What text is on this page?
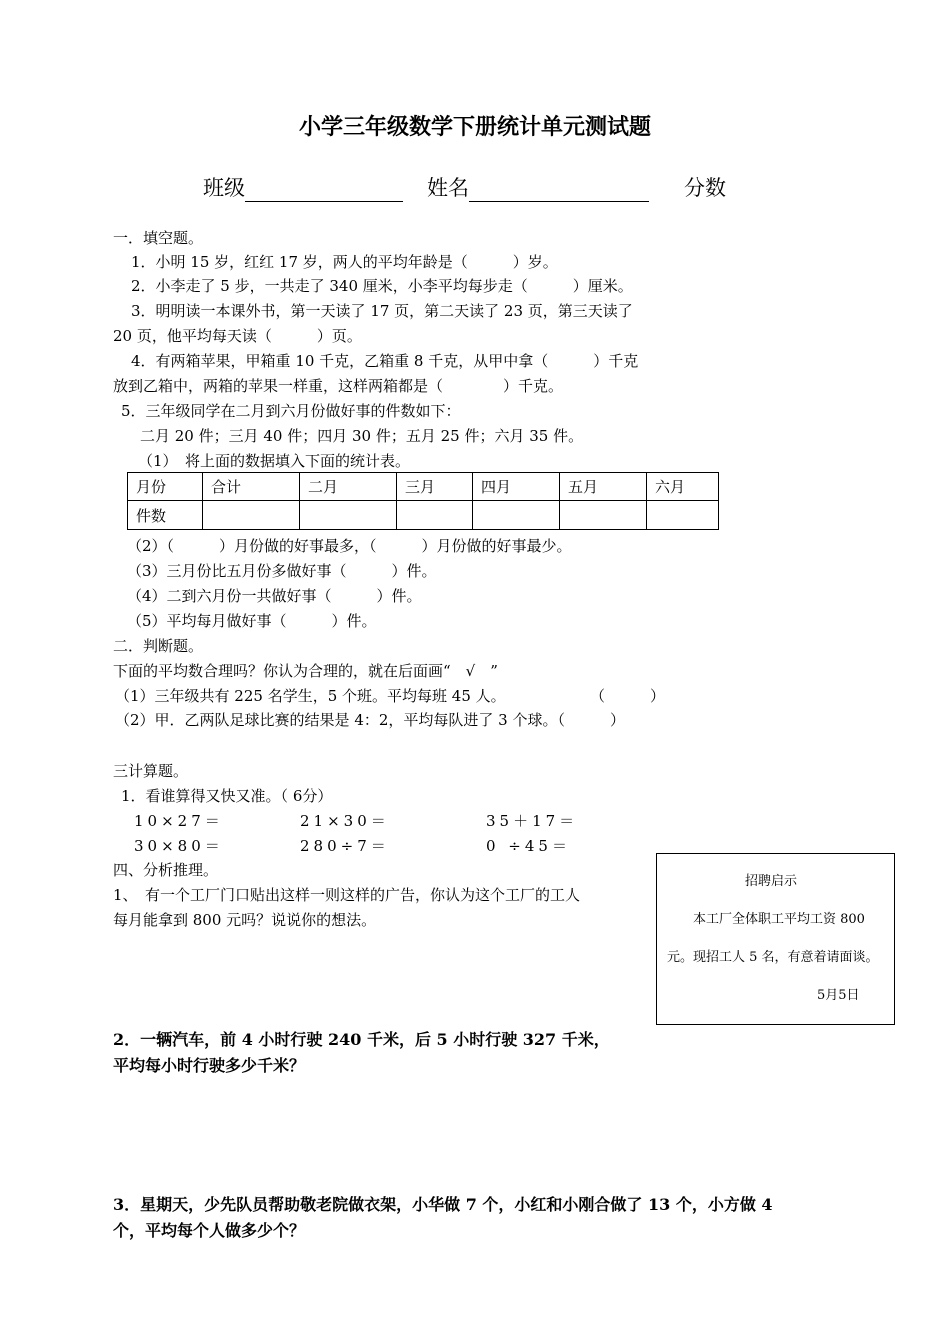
小学三年级数学下册统计单元测试题
班级	姓名	分数
一．填空题。
1．小明 15 岁，红红 17 岁，两人的平均年龄是（　　　）岁。
2．小李走了 5 步，一共走了 340 厘米，小李平均每步走（　　　）厘米。
3．明明读一本课外书，第一天读了 17 页，第二天读了 23 页，第三天读了
20 页，他平均每天读（　　　）页。
4．有两箱苹果，甲箱重 10 千克，乙箱重 8 千克，从甲中拿（　　　）千克
放到乙箱中，两箱的苹果一样重，这样两箱都是（　　　　）千克。
5．三年级同学在二月到六月份做好事的件数如下：
二月 20 件；三月 40 件；四月 30 件；五月 25 件；六月 35 件。
（1）　将上面的数据填入下面的统计表。
月份	合计	二月	三月	四月	五月	六月
件数						
（2）（　　　）月份做的好事最多，（　　　）月份做的好事最少。
（3）三月份比五月份多做好事（　　　）件。
（4）二到六月份一共做好事（　　　）件。
（5）平均每月做好事（　　　）件。
二．判断题。
下面的平均数合理吗？你认为合理的，就在后面画“　√　”
（1）三年级共有 225 名学生，5 个班。平均每班 45 人。	（　　　）
（2）甲．乙两队足球比赛的结果是 4：2，平均每队进了 3 个球。（　　　）
三计算题。
1．看谁算得又快又准。（ 6分）
10×27＝	21×30＝	35＋17＝
30×80＝	280÷7＝	0 ÷45＝
四、分析推理。
1、　有一个工厂门口贴出这样一则这样的广告，你认为这个工厂的工人
每月能拿到 800 元吗？说说你的想法。
招聘启示
本工厂全体职工平均工资 800
元。现招工人 5 名，有意着请面谈。
5月5日
2．一辆汽车，前 4 小时行驶 240 千米，后 5 小时行驶 327 千米，
平均每小时行驶多少千米？
3．星期天，少先队员帮助敬老院做衣架，小华做 7 个，小红和小刚合做了 13 个，小方做 4
个，平均每个人做多少个？
